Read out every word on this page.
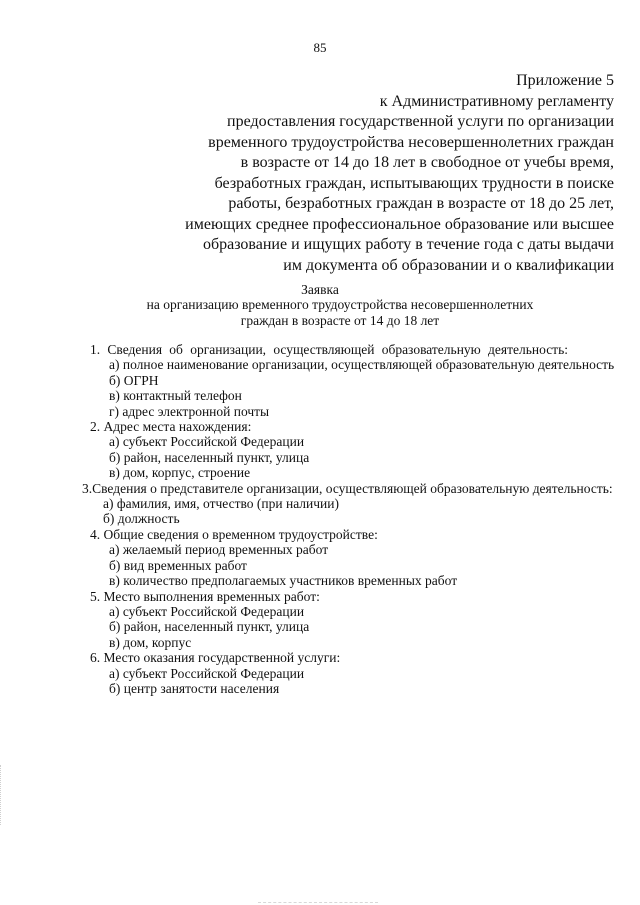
85
Приложение 5
к Административному регламенту
предоставления государственной услуги по организации
временного трудоустройства несовершеннолетних граждан
в возрасте от 14 до 18 лет в свободное от учебы время,
безработных граждан, испытывающих трудности в поиске
работы, безработных граждан в возрасте от 18 до 25 лет,
имеющих среднее профессиональное образование или высшее
образование и ищущих работу в течение года с даты выдачи
им документа об образовании и о квалификации
Заявка
на организацию временного трудоустройства несовершеннолетних
граждан в возрасте от 14 до 18 лет
1. Сведения об организации, осуществляющей образовательную деятельность:
а) полное наименование организации, осуществляющей образовательную деятельность
б) ОГРН
в) контактный телефон
г) адрес электронной почты
2. Адрес места нахождения:
а) субъект Российской Федерации
б) район, населенный пункт, улица
в) дом, корпус, строение
3.Сведения о представителе организации, осуществляющей образовательную деятельность:
а) фамилия, имя, отчество (при наличии)
б) должность
4. Общие сведения о временном трудоустройстве:
а) желаемый период временных работ
б) вид временных работ
в) количество предполагаемых участников временных работ
5. Место выполнения временных работ:
а) субъект Российской Федерации
б) район, населенный пункт, улица
в) дом, корпус
6. Место оказания государственной услуги:
а) субъект Российской Федерации
б) центр занятости населения
